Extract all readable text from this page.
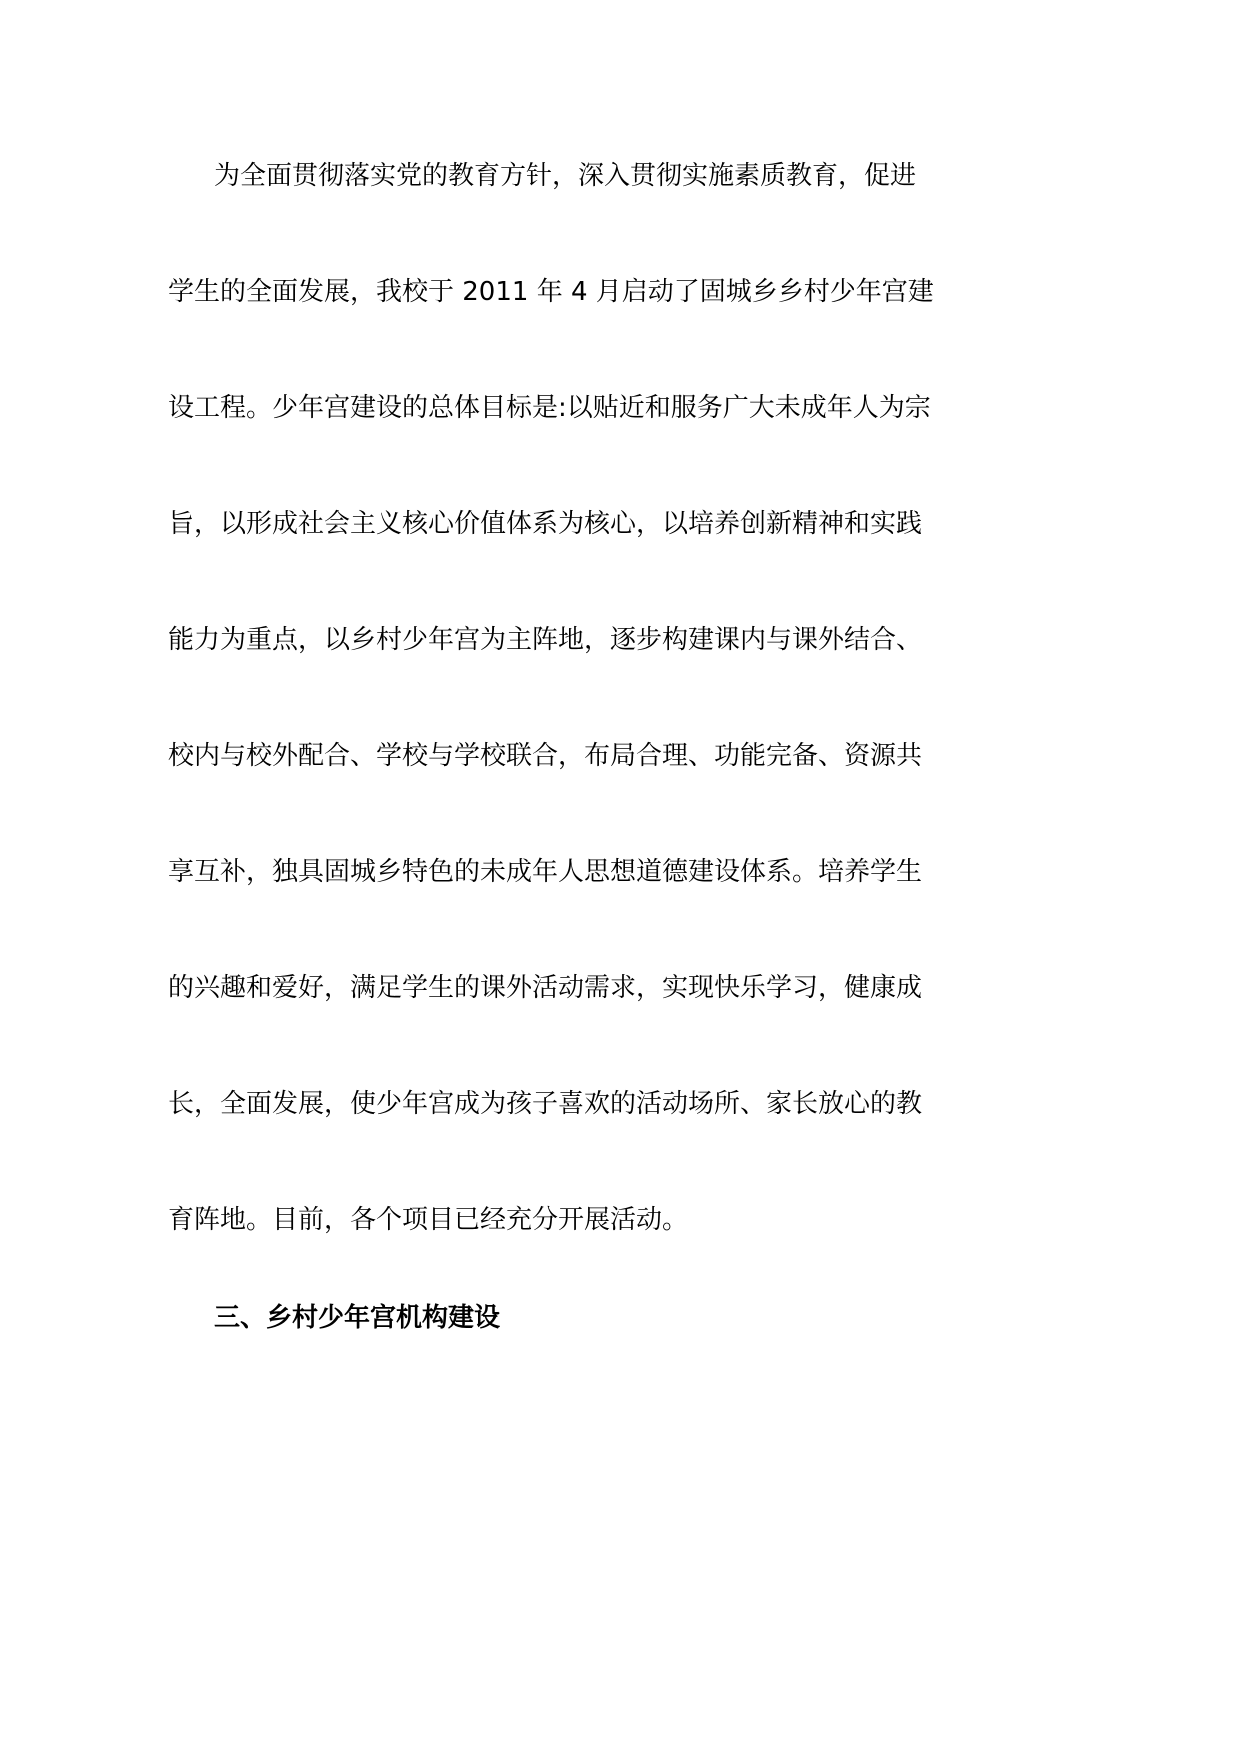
为全面贯彻落实党的教育方针，深入贯彻实施素质教育，促进
学生的全面发展，我校于 2011 年 4 月启动了固城乡乡村少年宫建
设工程。少年宫建设的总体目标是:以贴近和服务广大未成年人为宗
旨，以形成社会主义核心价值体系为核心，以培养创新精神和实践
能力为重点，以乡村少年宫为主阵地，逐步构建课内与课外结合、
校内与校外配合、学校与学校联合，布局合理、功能完备、资源共
享互补，独具固城乡特色的未成年人思想道德建设体系。培养学生
的兴趣和爱好，满足学生的课外活动需求，实现快乐学习，健康成
长，全面发展，使少年宫成为孩子喜欢的活动场所、家长放心的教
育阵地。目前，各个项目已经充分开展活动。
三、乡村少年宫机构建设
